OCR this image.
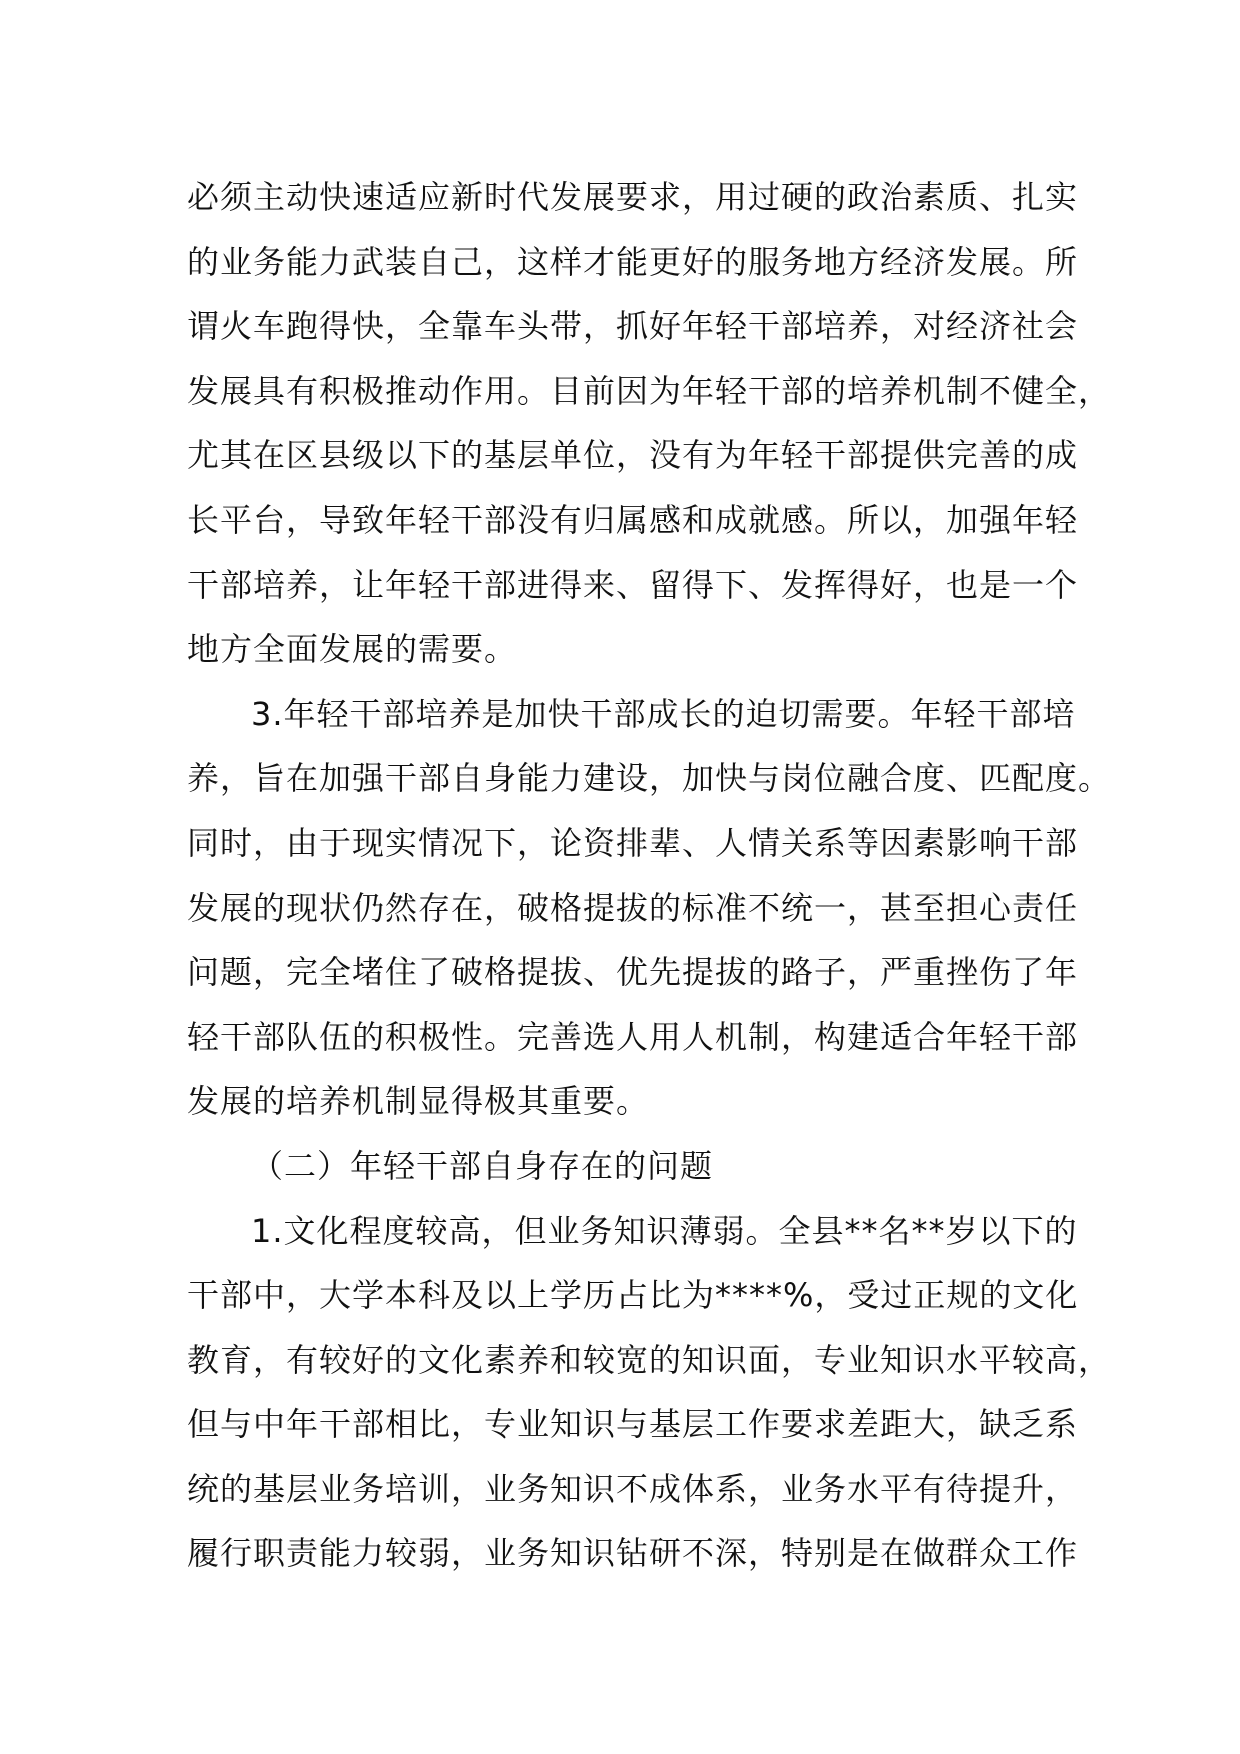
必须主动快速适应新时代发展要求，用过硬的政治素质、扎实
的业务能力武装自己，这样才能更好的服务地方经济发展。所
谓火车跑得快，全靠车头带，抓好年轻干部培养，对经济社会
发展具有积极推动作用。目前因为年轻干部的培养机制不健全，
尤其在区县级以下的基层单位，没有为年轻干部提供完善的成
长平台，导致年轻干部没有归属感和成就感。所以，加强年轻
干部培养，让年轻干部进得来、留得下、发挥得好，也是一个
地方全面发展的需要。
3.年轻干部培养是加快干部成长的迫切需要。年轻干部培
养，旨在加强干部自身能力建设，加快与岗位融合度、匹配度。
同时，由于现实情况下，论资排辈、人情关系等因素影响干部
发展的现状仍然存在，破格提拔的标准不统一，甚至担心责任
问题，完全堵住了破格提拔、优先提拔的路子，严重挫伤了年
轻干部队伍的积极性。完善选人用人机制，构建适合年轻干部
发展的培养机制显得极其重要。
（二）年轻干部自身存在的问题
1.文化程度较高，但业务知识薄弱。全县**名**岁以下的
干部中，大学本科及以上学历占比为****%，受过正规的文化
教育，有较好的文化素养和较宽的知识面，专业知识水平较高，
但与中年干部相比，专业知识与基层工作要求差距大，缺乏系
统的基层业务培训，业务知识不成体系，业务水平有待提升，
履行职责能力较弱，业务知识钻研不深，特别是在做群众工作
